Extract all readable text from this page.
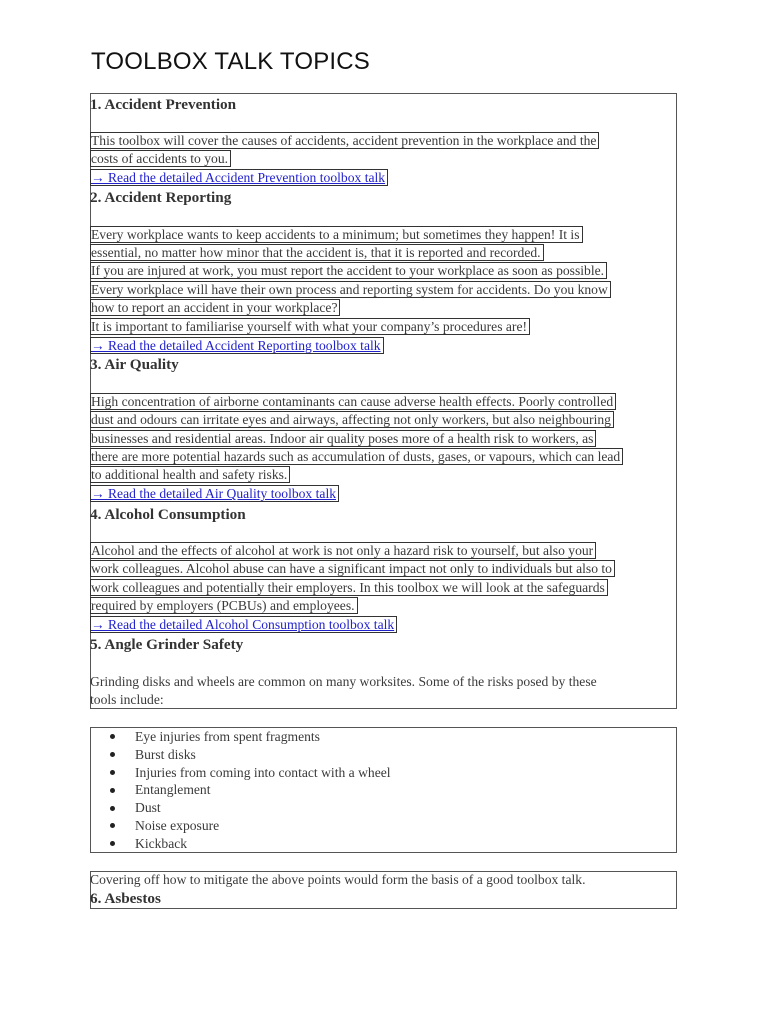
TOOLBOX TALK TOPICS
1. Accident Prevention
This toolbox will cover the causes of accidents, accident prevention in the workplace and the
costs of accidents to you.
→ Read the detailed Accident Prevention toolbox talk
2. Accident Reporting
Every workplace wants to keep accidents to a minimum; but sometimes they happen! It is
essential, no matter how minor that the accident is, that it is reported and recorded.
If you are injured at work, you must report the accident to your workplace as soon as possible.
Every workplace will have their own process and reporting system for accidents. Do you know
how to report an accident in your workplace?
It is important to familiarise yourself with what your company’s procedures are!
→ Read the detailed Accident Reporting toolbox talk
3. Air Quality
High concentration of airborne contaminants can cause adverse health effects. Poorly controlled
dust and odours can irritate eyes and airways, affecting not only workers, but also neighbouring
businesses and residential areas. Indoor air quality poses more of a health risk to workers, as
there are more potential hazards such as accumulation of dusts, gases, or vapours, which can lead
to additional health and safety risks.
→ Read the detailed Air Quality toolbox talk
4. Alcohol Consumption
Alcohol and the effects of alcohol at work is not only a hazard risk to yourself, but also your
work colleagues. Alcohol abuse can have a significant impact not only to individuals but also to
work colleagues and potentially their employers. In this toolbox we will look at the safeguards
required by employers (PCBUs) and employees.
→ Read the detailed Alcohol Consumption toolbox talk
5. Angle Grinder Safety
Grinding disks and wheels are common on many worksites. Some of the risks posed by these
tools include:
Eye injuries from spent fragments
Burst disks
Injuries from coming into contact with a wheel
Entanglement
Dust
Noise exposure
Kickback
Covering off how to mitigate the above points would form the basis of a good toolbox talk.
6. Asbestos
